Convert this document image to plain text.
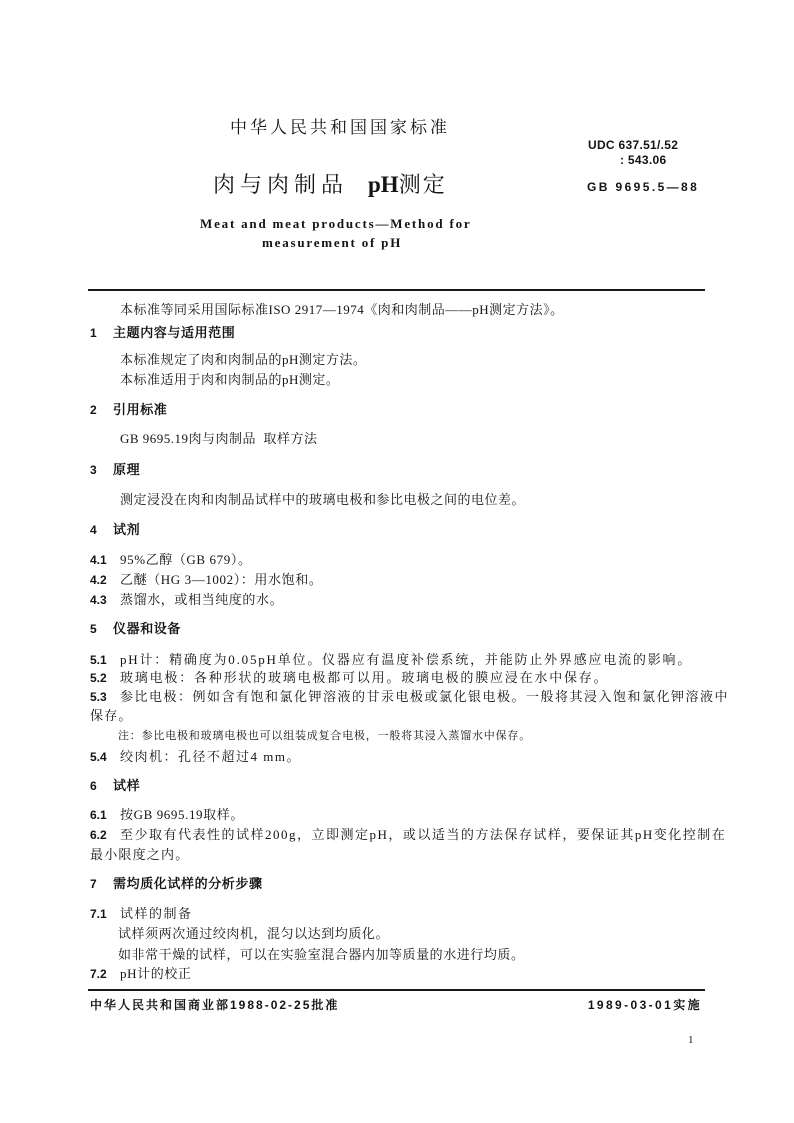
中华人民共和国国家标准
UDC 637.51/.52
: 543.06
肉与肉制品 pH测定	GB 9695.5—88
Meat and meat products—Method for
measurement of pH
本标准等同采用国际标准ISO 2917—1974《肉和肉制品——pH测定方法》。
1 主题内容与适用范围
本标准规定了肉和肉制品的pH测定方法。
本标准适用于肉和肉制品的pH测定。
2 引用标准
GB 9695.19肉与肉制品  取样方法
3 原理
测定浸没在肉和肉制品试样中的玻璃电极和参比电极之间的电位差。
4 试剂
4.1 95%乙醇（GB 679）。
4.2 乙醚（HG 3—1002）：用水饱和。
4.3 蒸馏水，或相当纯度的水。
5 仪器和设备
5.1 pH计：精确度为0.05pH单位。仪器应有温度补偿系统，并能防止外界感应电流的影响。
5.2 玻璃电极：各种形状的玻璃电极都可以用。玻璃电极的膜应浸在水中保存。
5.3 参比电极：例如含有饱和氯化钾溶液的甘汞电极或氯化银电极。一般将其浸入饱和氯化钾溶液中
保存。
注：参比电极和玻璃电极也可以组装成复合电极，一般将其浸入蒸馏水中保存。
5.4 绞肉机：孔径不超过4 mm。
6 试样
6.1 按GB 9695.19取样。
6.2 至少取有代表性的试样200g，立即测定pH，或以适当的方法保存试样，要保证其pH变化控制在
最小限度之内。
7 需均质化试样的分析步骤
7.1 试样的制备
试样须两次通过绞肉机，混匀以达到均质化。
如非常干燥的试样，可以在实验室混合器内加等质量的水进行均质。
7.2 pH计的校正
中华人民共和国商业部1988-02-25批准	1989-03-01实施
1
